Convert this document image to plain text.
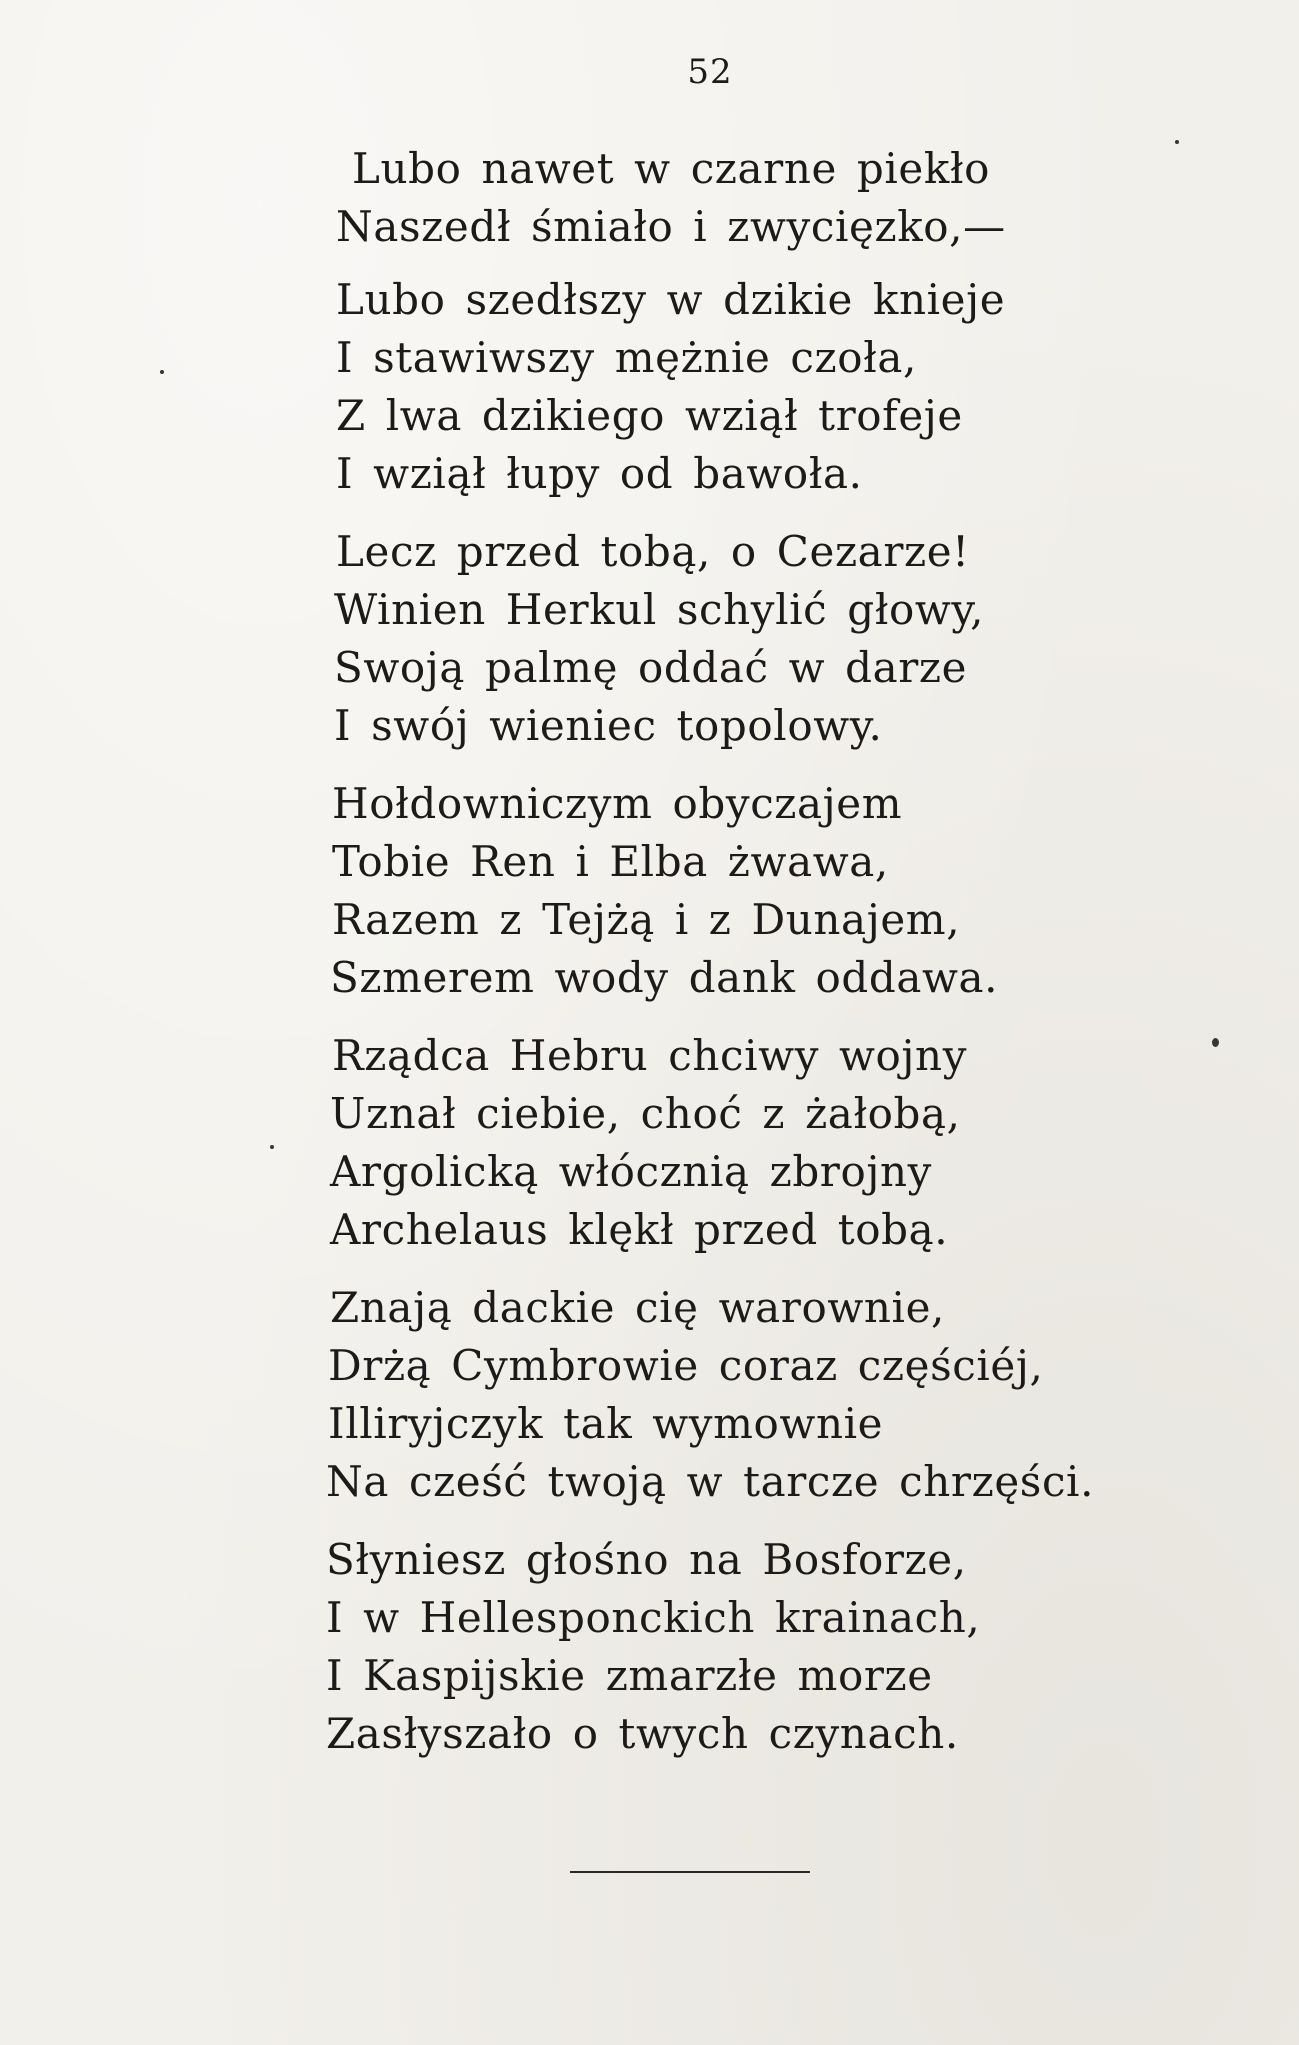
52
Lubo nawet w czarne piekło
Naszedł śmiało i zwycięzko,—
Lubo szedłszy w dzikie knieje
I stawiwszy mężnie czoła,
Z lwa dzikiego wziął trofeje
I wziął łupy od bawoła.
Lecz przed tobą, o Cezarze!
Winien Herkul schylić głowy,
Swoją palmę oddać w darze
I swój wieniec topolowy.
Hołdowniczym obyczajem
Tobie Ren i Elba żwawa,
Razem z Tejżą i z Dunajem,
Szmerem wody dank oddawa.
Rządca Hebru chciwy wojny
Uznał ciebie, choć z żałobą,
Argolicką włócznią zbrojny
Archelaus klękł przed tobą.
Znają dackie cię warownie,
Drżą Cymbrowie coraz częściéj,
Illiryjczyk tak wymownie
Na cześć twoją w tarcze chrzęści.
Słyniesz głośno na Bosforze,
I w Hellesponckich krainach,
I Kaspijskie zmarzłe morze
Zasłyszało o twych czynach.
